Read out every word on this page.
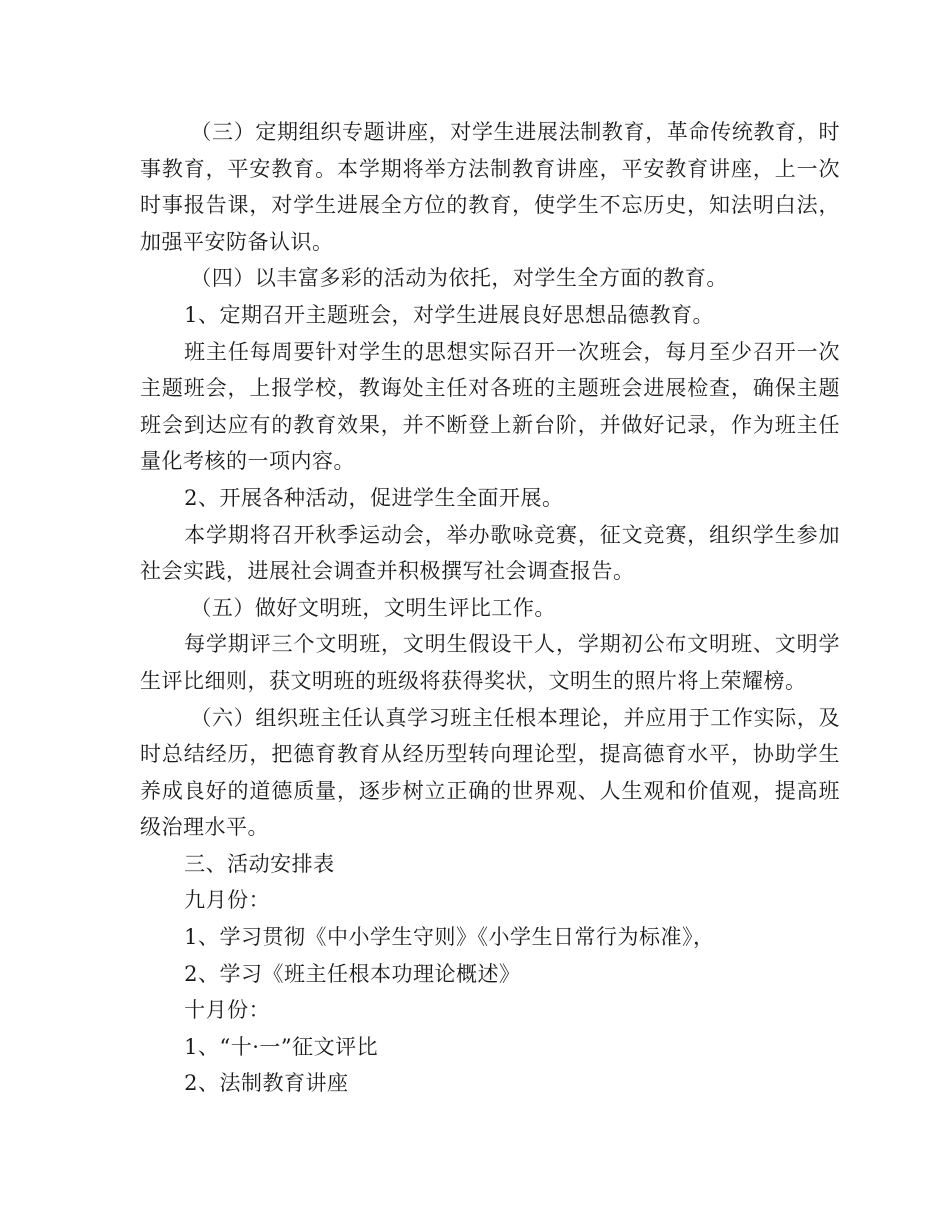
（三）定期组织专题讲座，对学生进展法制教育，革命传统教育，时事教育，平安教育。本学期将举方法制教育讲座，平安教育讲座，上一次时事报告课，对学生进展全方位的教育，使学生不忘历史，知法明白法，加强平安防备认识。

（四）以丰富多彩的活动为依托，对学生全方面的教育。

1、定期召开主题班会，对学生进展良好思想品德教育。

班主任每周要针对学生的思想实际召开一次班会，每月至少召开一次主题班会，上报学校，教诲处主任对各班的主题班会进展检查，确保主题班会到达应有的教育效果，并不断登上新台阶，并做好记录，作为班主任量化考核的一项内容。

2、开展各种活动，促进学生全面开展。

本学期将召开秋季运动会，举办歌咏竞赛，征文竞赛，组织学生参加社会实践，进展社会调查并积极撰写社会调查报告。

（五）做好文明班，文明生评比工作。

每学期评三个文明班，文明生假设干人，学期初公布文明班、文明学生评比细则，获文明班的班级将获得奖状，文明生的照片将上荣耀榜。

（六）组织班主任认真学习班主任根本理论，并应用于工作实际，及时总结经历，把德育教育从经历型转向理论型，提高德育水平，协助学生养成良好的道德质量，逐步树立正确的世界观、人生观和价值观，提高班级治理水平。

三、活动安排表

九月份：

1、学习贯彻《中小学生守则》《小学生日常行为标准》，

2、学习《班主任根本功理论概述》

十月份：

1、“十·一”征文评比

2、法制教育讲座
